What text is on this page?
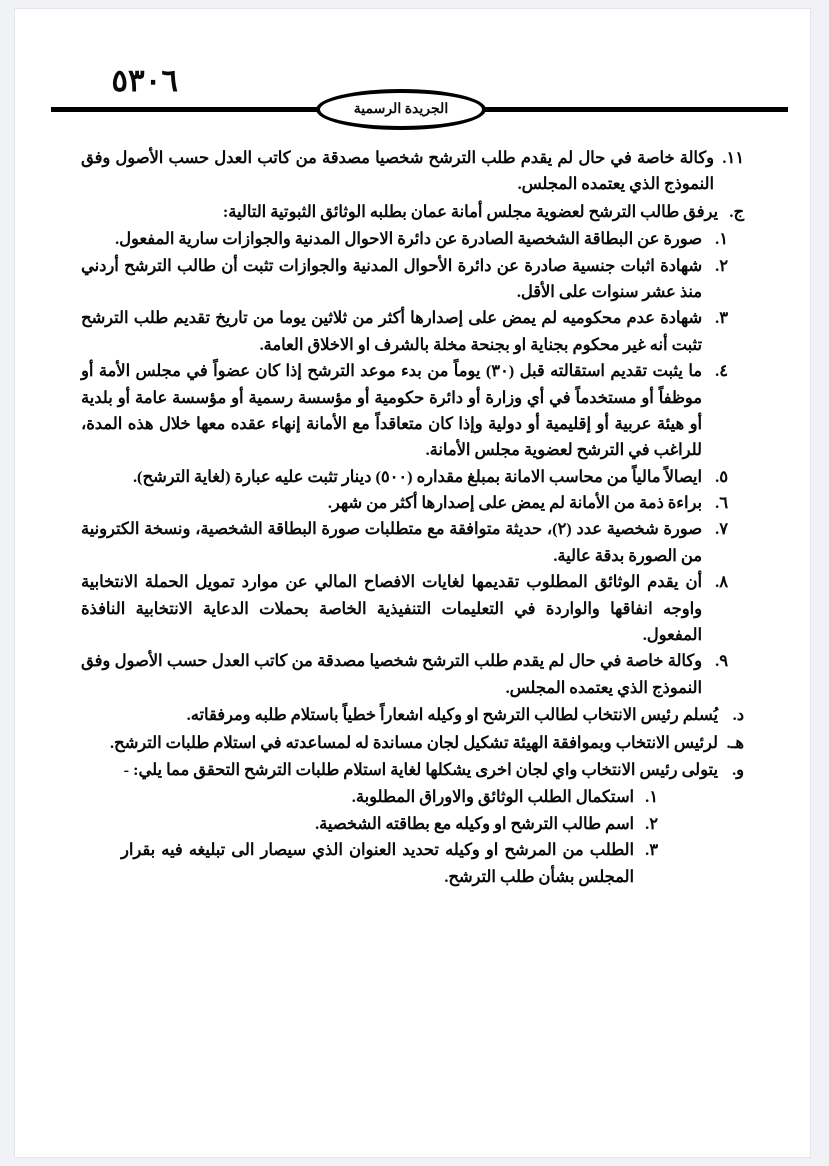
٥٣٠٦
الجريدة الرسمية
١١.
وكالة خاصة في حال لم يقدم طلب الترشح شخصيا مصدقة من كاتب العدل حسب الأصول وفق النموذج الذي يعتمده المجلس.
ج.
يرفق طالب الترشح لعضوية مجلس أمانة عمان بطلبه الوثائق الثبوتية التالية:
١.
صورة عن البطاقة الشخصية الصادرة عن دائرة الاحوال المدنية والجوازات سارية المفعول.
٢.
شهادة اثبات جنسية صادرة عن دائرة الأحوال المدنية والجوازات تثبت أن طالب الترشح أردني منذ عشر سنوات على الأقل.
٣.
شهادة عدم محكوميه لم يمض على إصدارها أكثر من ثلاثين يوما من تاريخ تقديم طلب الترشح تثبت أنه غير محكوم بجناية او بجنحة مخلة بالشرف او الاخلاق العامة.
٤.
ما يثبت تقديم استقالته قبل (٣٠) يوماً من بدء موعد الترشح إذا كان عضواً في مجلس الأمة أو موظفاً أو مستخدماً في أي وزارة أو دائرة حكومية أو مؤسسة رسمية أو مؤسسة عامة أو بلدية أو هيئة عربية أو إقليمية أو دولية وإذا كان متعاقداً مع الأمانة إنهاء عقده معها خلال هذه المدة، للراغب في الترشح لعضوية مجلس الأمانة.
٥.
ايصالاً مالياً من محاسب الامانة بمبلغ مقداره (٥٠٠) دينار تثبت عليه عبارة (لغاية الترشح).
٦.
براءة ذمة من الأمانة لم يمض على إصدارها أكثر من شهر.
٧.
صورة شخصية عدد (٢)، حديثة متوافقة مع متطلبات صورة البطاقة الشخصية، ونسخة الكترونية من الصورة بدقة عالية.
٨.
أن يقدم الوثائق المطلوب تقديمها لغايات الافصاح المالي عن موارد تمويل الحملة الانتخابية واوجه انفاقها والواردة في التعليمات التنفيذية الخاصة بحملات الدعاية الانتخابية النافذة المفعول.
٩.
وكالة خاصة في حال لم يقدم طلب الترشح شخصيا مصدقة من كاتب العدل حسب الأصول وفق النموذج الذي يعتمده المجلس.
د.
يُسلم رئيس الانتخاب لطالب الترشح او وكيله اشعاراً خطياً باستلام طلبه ومرفقاته.
هـ.
لرئيس الانتخاب وبموافقة الهيئة تشكيل لجان مساندة له لمساعدته في استلام طلبات الترشح.
و.
يتولى رئيس الانتخاب واي لجان اخرى يشكلها لغاية استلام طلبات الترشح التحقق مما يلي: -
١.
استكمال الطلب الوثائق والاوراق المطلوبة.
٢.
اسم طالب الترشح او وكيله مع بطاقته الشخصية.
٣.
الطلب من المرشح او وكيله تحديد العنوان الذي سيصار الى تبليغه فيه بقرار المجلس بشأن طلب الترشح.
